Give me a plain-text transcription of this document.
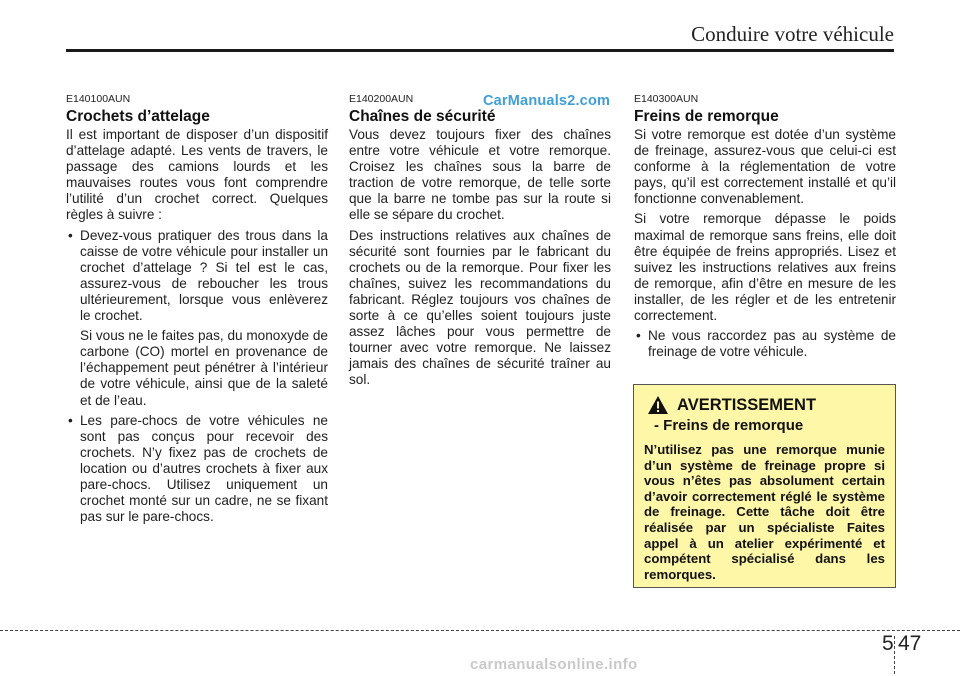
Conduire votre véhicule
CarManuals2.com
E140100AUN
Crochets d’attelage

Il est important de disposer d’un dispositif d’attelage adapté. Les vents de travers, le passage des camions lourds et les mauvaises routes vous font comprendre l’utilité d’un crochet correct. Quelques règles à suivre :

• Devez-vous pratiquer des trous dans la caisse de votre véhicule pour installer un crochet d’attelage ? Si tel est le cas, assurez-vous de reboucher les trous ultérieurement, lorsque vous enlèverez le crochet.

Si vous ne le faites pas, du monoxyde de carbone (CO) mortel en provenance de l’échappement peut pénétrer à l’intérieur de votre véhicule, ainsi que de la saleté et de l’eau.

• Les pare-chocs de votre véhicules ne sont pas conçus pour recevoir des crochets. N’y fixez pas de crochets de location ou d’autres crochets à fixer aux pare-chocs. Utilisez uniquement un crochet monté sur un cadre, ne se fixant pas sur le pare-chocs.

E140200AUN
Chaînes de sécurité

Vous devez toujours fixer des chaînes entre votre véhicule et votre remorque. Croisez les chaînes sous la barre de traction de votre remorque, de telle sorte que la barre ne tombe pas sur la route si elle se sépare du crochet.

Des instructions relatives aux chaînes de sécurité sont fournies par le fabricant du crochets ou de la remorque. Pour fixer les chaînes, suivez les recommandations du fabricant. Réglez toujours vos chaînes de sorte à ce qu’elles soient toujours juste assez lâches pour vous permettre de tourner avec votre remorque. Ne laissez jamais des chaînes de sécurité traîner au sol.

E140300AUN
Freins de remorque

Si votre remorque est dotée d’un système de freinage, assurez-vous que celui-ci est conforme à la réglementation de votre pays, qu’il est correctement installé et qu’il fonctionne convenablement.

Si votre remorque dépasse le poids maximal de remorque sans freins, elle doit être équipée de freins appropriés. Lisez et suivez les instructions relatives aux freins de remorque, afin d’être en mesure de les installer, de les régler et de les entretenir correctement.

• Ne vous raccordez pas au système de freinage de votre véhicule.

AVERTISSEMENT
- Freins de remorque

N’utilisez pas une remorque munie d’un système de freinage propre si vous n’êtes pas absolument certain d’avoir correctement réglé le système de freinage. Cette tâche doit être réalisée par un spécialiste Faites appel à un atelier expérimenté et compétent spécialisé dans les remorques.

5 47
carmanualsonline.info
